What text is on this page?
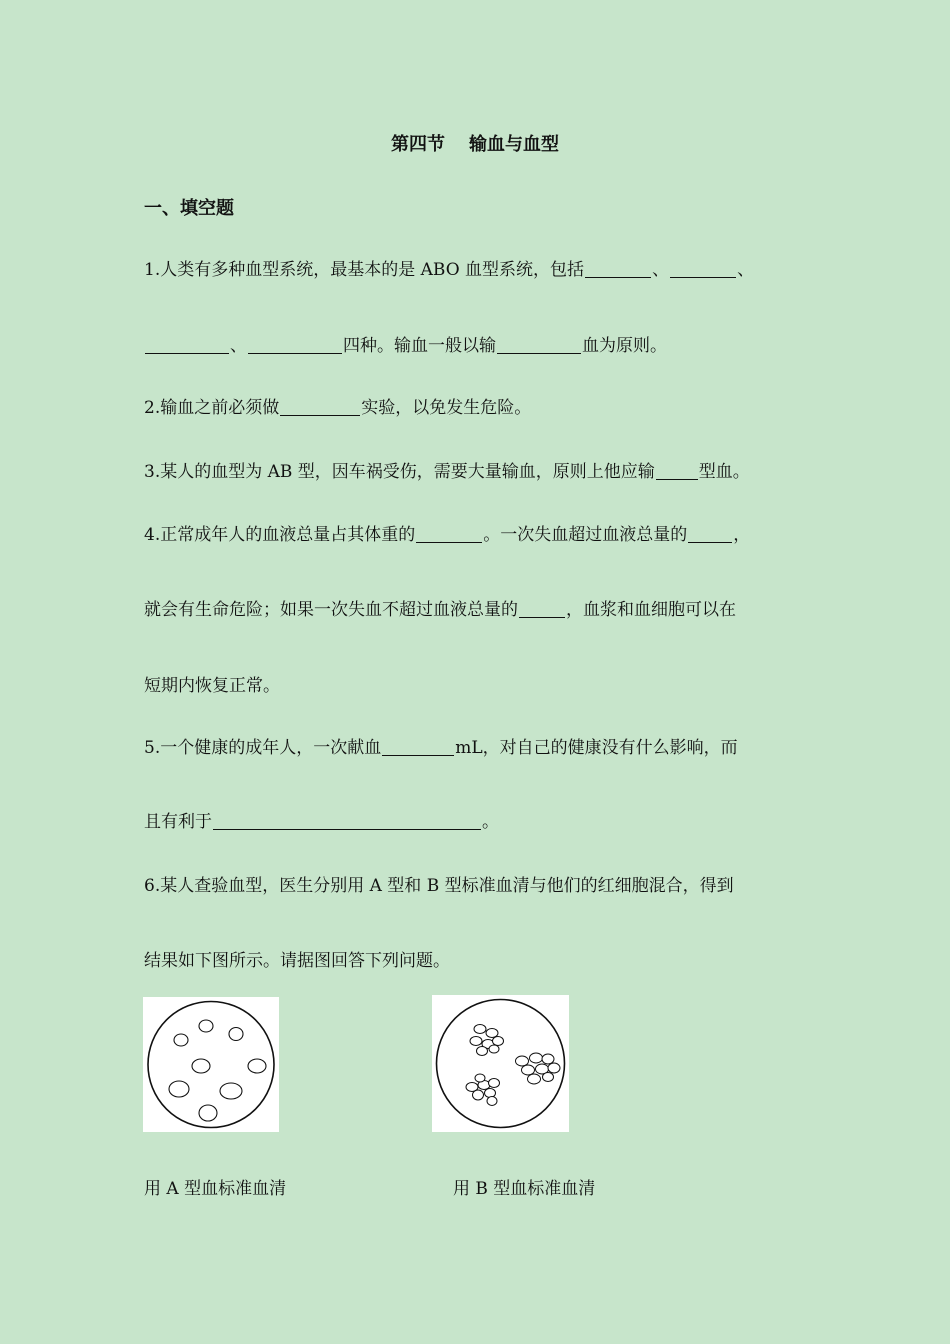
第四节 输血与血型
一、填空题
1.人类有多种血型系统，最基本的是 ABO 血型系统，包括	、	、
、	四种。输血一般以输	血为原则。
2.输血之前必须做	实验，以免发生危险。
3.某人的血型为 AB 型，因车祸受伤，需要大量输血，原则上他应输	型血。
4.正常成年人的血液总量占其体重的	。一次失血超过血液总量的	，
就会有生命危险；如果一次失血不超过血液总量的	，血浆和血细胞可以在
短期内恢复正常。
5.一个健康的成年人，一次献血	mL，对自己的健康没有什么影响，而
且有利于	。
6.某人查验血型，医生分别用 A 型和 B 型标准血清与他们的红细胞混合，得到
结果如下图所示。请据图回答下列问题。
用 A 型血标准血清	用 B 型血标准血清
